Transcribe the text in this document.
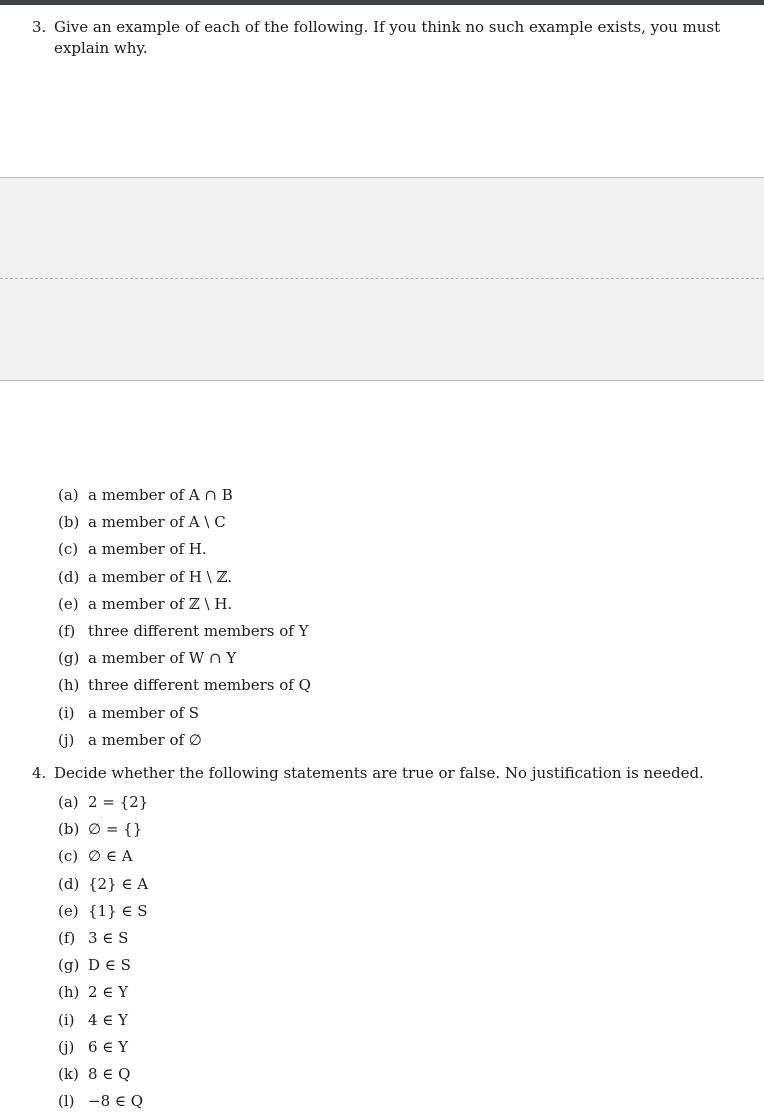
3. Give an example of each of the following. If you think no such example exists, you must
explain why.
(a) a member of A ∩ B
(b) a member of A \ C
(c) a member of H.
(d) a member of H \ ℤ.
(e) a member of ℤ \ H.
(f) three different members of Y
(g) a member of W ∩ Y
(h) three different members of Q
(i) a member of S
(j) a member of ∅
4. Decide whether the following statements are true or false. No justification is needed.
(a) 2 = {2}
(b) ∅ = {}
(c) ∅ ∈ A
(d) {2} ∈ A
(e) {1} ∈ S
(f) 3 ∈ S
(g) D ∈ S
(h) 2 ∈ Y
(i) 4 ∈ Y
(j) 6 ∈ Y
(k) 8 ∈ Q
(l) −8 ∈ Q
